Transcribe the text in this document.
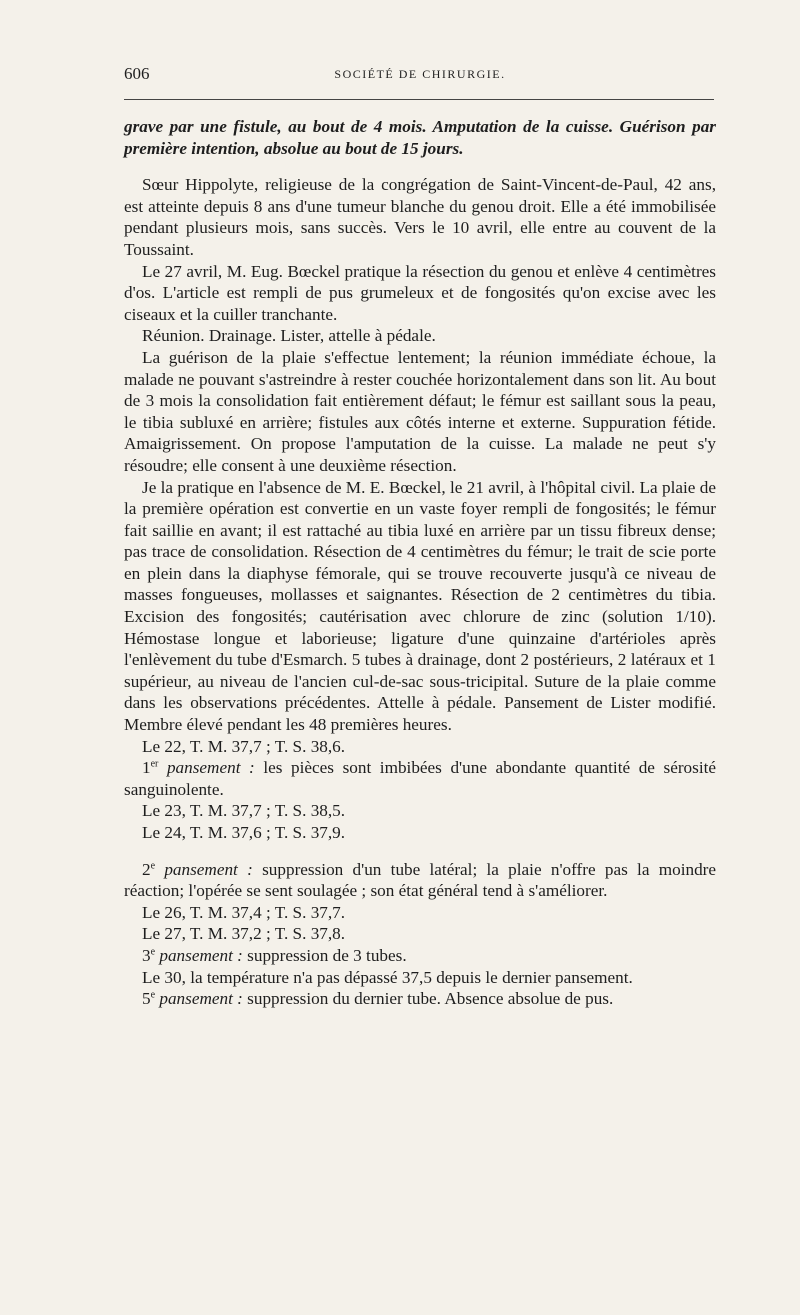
606	SOCIÉTÉ DE CHIRURGIE.

grave par une fistule, au bout de 4 mois. Amputation de la cuisse. Guérison par première intention, absolue au bout de 15 jours.

Sœur Hippolyte, religieuse de la congrégation de Saint-Vincent-de-Paul, 42 ans, est atteinte depuis 8 ans d'une tumeur blanche du genou droit. Elle a été immobilisée pendant plusieurs mois, sans succès. Vers le 10 avril, elle entre au couvent de la Toussaint.

Le 27 avril, M. Eug. Bœckel pratique la résection du genou et enlève 4 centimètres d'os. L'article est rempli de pus grumeleux et de fongosités qu'on excise avec les ciseaux et la cuiller tranchante.

Réunion. Drainage. Lister, attelle à pédale.

La guérison de la plaie s'effectue lentement; la réunion immédiate échoue, la malade ne pouvant s'astreindre à rester couchée horizontalement dans son lit. Au bout de 3 mois la consolidation fait entièrement défaut; le fémur est saillant sous la peau, le tibia subluxé en arrière; fistules aux côtés interne et externe. Suppuration fétide. Amaigrissement. On propose l'amputation de la cuisse. La malade ne peut s'y résoudre; elle consent à une deuxième résection.

Je la pratique en l'absence de M. E. Bœckel, le 21 avril, à l'hôpital civil. La plaie de la première opération est convertie en un vaste foyer rempli de fongosités; le fémur fait saillie en avant; il est rattaché au tibia luxé en arrière par un tissu fibreux dense; pas trace de consolidation. Résection de 4 centimètres du fémur; le trait de scie porte en plein dans la diaphyse fémorale, qui se trouve recouverte jusqu'à ce niveau de masses fongueuses, mollasses et saignantes. Résection de 2 centimètres du tibia. Excision des fongosités; cautérisation avec chlorure de zinc (solution 1/10). Hémostase longue et laborieuse; ligature d'une quinzaine d'artérioles après l'enlèvement du tube d'Esmarch. 5 tubes à drainage, dont 2 postérieurs, 2 latéraux et 1 supérieur, au niveau de l'ancien cul-de-sac sous-tricipital. Suture de la plaie comme dans les observations précédentes. Attelle à pédale. Pansement de Lister modifié. Membre élevé pendant les 48 premières heures.

Le 22, T. M. 37,7 ; T. S. 38,6.

1er pansement : les pièces sont imbibées d'une abondante quantité de sérosité sanguinolente.

Le 23, T. M. 37,7 ; T. S. 38,5.

Le 24, T. M. 37,6 ; T. S. 37,9.

2e pansement : suppression d'un tube latéral; la plaie n'offre pas la moindre réaction; l'opérée se sent soulagée ; son état général tend à s'améliorer.

Le 26, T. M. 37,4 ; T. S. 37,7.

Le 27, T. M. 37,2 ; T. S. 37,8.

3e pansement : suppression de 3 tubes.

Le 30, la température n'a pas dépassé 37,5 depuis le dernier pansement.

5e pansement : suppression du dernier tube. Absence absolue de pus.
